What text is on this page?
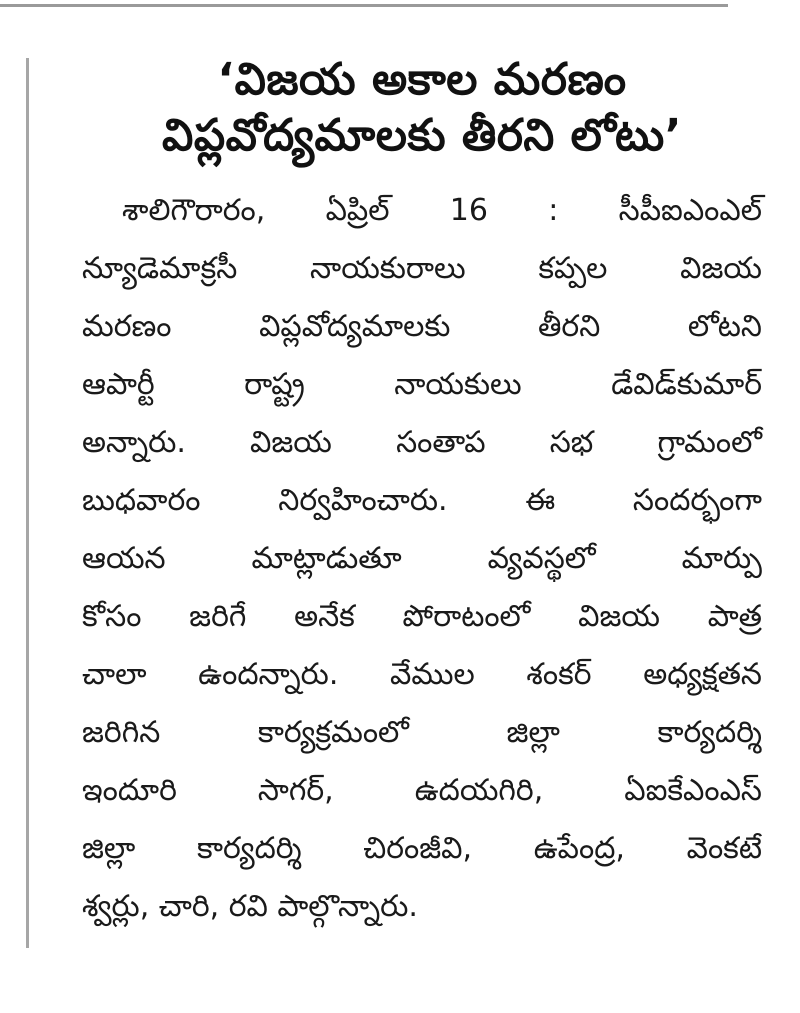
‘విజయ అకాల మరణం
విప్లవోద్యమాలకు తీరని లోటు’
శాలిగౌరారం, ఏప్రిల్ 16 : సీపీఐఎంఎల్
న్యూడెమాక్రసీ నాయకురాలు కప్పల విజయ
మరణం విప్లవోద్యమాలకు తీరని లోటని
ఆపార్టీ రాష్ట్ర నాయకులు డేవిడ్‌కుమార్
అన్నారు. విజయ సంతాప సభ గ్రామంలో
బుధవారం నిర్వహించారు. ఈ సందర్భంగా
ఆయన మాట్లాడుతూ వ్యవస్థలో మార్పు
కోసం జరిగే అనేక పోరాటంలో విజయ పాత్ర
చాలా ఉందన్నారు. వేముల శంకర్ అధ్యక్షతన
జరిగిన కార్యక్రమంలో జిల్లా కార్యదర్శి
ఇందూరి సాగర్, ఉదయగిరి, ఏఐకేఎంఎస్
జిల్లా కార్యదర్శి చిరంజీవి, ఉపేంద్ర, వెంకటే
శ్వర్లు, చారి, రవి పాల్గొన్నారు.
